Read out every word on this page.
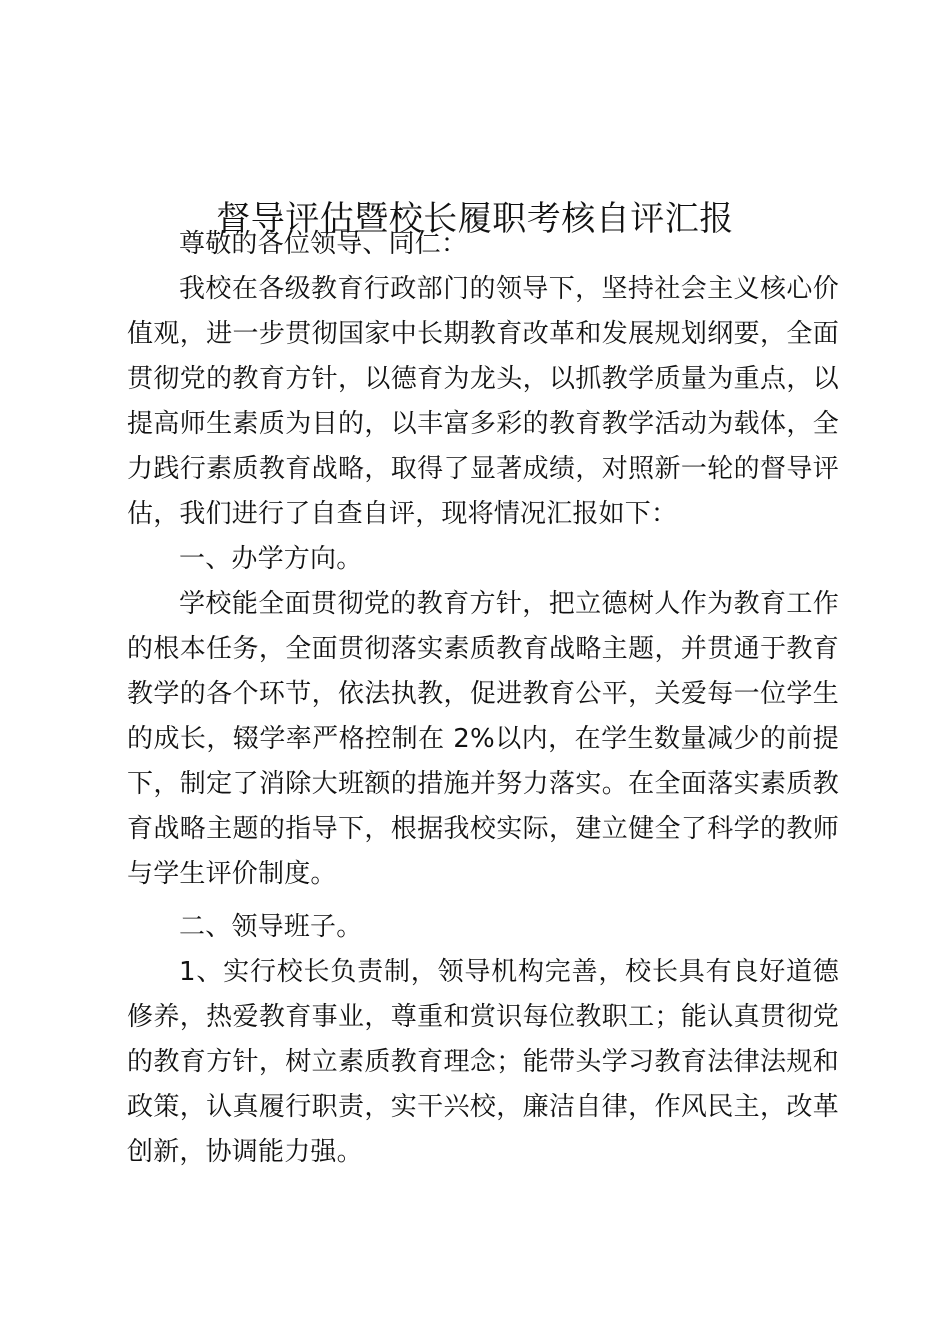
督导评估暨校长履职考核自评汇报

尊敬的各位领导、同仁：

我校在各级教育行政部门的领导下，坚持社会主义核心价值观，进一步贯彻国家中长期教育改革和发展规划纲要，全面贯彻党的教育方针，以德育为龙头，以抓教学质量为重点，以提高师生素质为目的，以丰富多彩的教育教学活动为载体，全力践行素质教育战略，取得了显著成绩，对照新一轮的督导评估，我们进行了自查自评，现将情况汇报如下：

一、办学方向。

学校能全面贯彻党的教育方针，把立德树人作为教育工作的根本任务，全面贯彻落实素质教育战略主题，并贯通于教育教学的各个环节，依法执教，促进教育公平，关爱每一位学生的成长，辍学率严格控制在 2%以内，在学生数量减少的前提下，制定了消除大班额的措施并努力落实。在全面落实素质教育战略主题的指导下，根据我校实际，建立健全了科学的教师与学生评价制度。

二、领导班子。

1、实行校长负责制，领导机构完善，校长具有良好道德修养，热爱教育事业，尊重和赏识每位教职工；能认真贯彻党的教育方针，树立素质教育理念；能带头学习教育法律法规和政策，认真履行职责，实干兴校，廉洁自律，作风民主，改革创新，协调能力强。
